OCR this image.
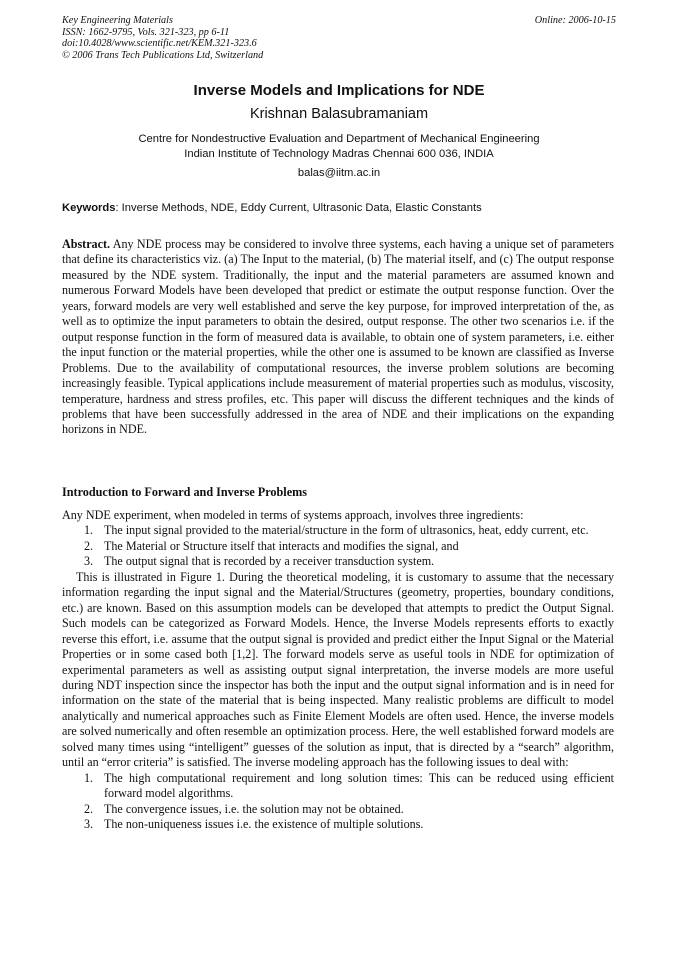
Key Engineering Materials
ISSN: 1662-9795, Vols. 321-323, pp 6-11
doi:10.4028/www.scientific.net/KEM.321-323.6
© 2006 Trans Tech Publications Ltd, Switzerland
Online: 2006-10-15
Inverse Models and Implications for NDE
Krishnan Balasubramaniam
Centre for Nondestructive Evaluation and Department of Mechanical Engineering
Indian Institute of Technology Madras Chennai 600 036, INDIA
balas@iitm.ac.in
Keywords: Inverse Methods, NDE, Eddy Current, Ultrasonic Data, Elastic Constants
Abstract. Any NDE process may be considered to involve three systems, each having a unique set of parameters that define its characteristics viz. (a) The Input to the material, (b) The material itself, and (c) The output response measured by the NDE system. Traditionally, the input and the material parameters are assumed known and numerous Forward Models have been developed that predict or estimate the output response function. Over the years, forward models are very well established and serve the key purpose, for improved interpretation of the, as well as to optimize the input parameters to obtain the desired, output response. The other two scenarios i.e. if the output response function in the form of measured data is available, to obtain one of system parameters, i.e. either the input function or the material properties, while the other one is assumed to be known are classified as Inverse Problems. Due to the availability of computational resources, the inverse problem solutions are becoming increasingly feasible. Typical applications include measurement of material properties such as modulus, viscosity, temperature, hardness and stress profiles, etc. This paper will discuss the different techniques and the kinds of problems that have been successfully addressed in the area of NDE and their implications on the expanding horizons in NDE.
Introduction to Forward and Inverse Problems

Any NDE experiment, when modeled in terms of systems approach, involves three ingredients:

1. The input signal provided to the material/structure in the form of ultrasonics, heat, eddy current, etc.
2. The Material or Structure itself that interacts and modifies the signal, and
3. The output signal that is recorded by a receiver transduction system.

This is illustrated in Figure 1. During the theoretical modeling, it is customary to assume that the necessary information regarding the input signal and the Material/Structures (geometry, properties, boundary conditions, etc.) are known. Based on this assumption models can be developed that attempts to predict the Output Signal. Such models can be categorized as Forward Models. Hence, the Inverse Models represents efforts to exactly reverse this effort, i.e. assume that the output signal is provided and predict either the Input Signal or the Material Properties or in some cased both [1,2]. The forward models serve as useful tools in NDE for optimization of experimental parameters as well as assisting output signal interpretation, the inverse models are more useful during NDT inspection since the inspector has both the input and the output signal information and is in need for information on the state of the material that is being inspected. Many realistic problems are difficult to model analytically and numerical approaches such as Finite Element Models are often used. Hence, the inverse models are solved numerically and often resemble an optimization process. Here, the well established forward models are solved many times using “intelligent” guesses of the solution as input, that is directed by a “search” algorithm, until an “error criteria” is satisfied. The inverse modeling approach has the following issues to deal with:

1. The high computational requirement and long solution times: This can be reduced using efficient forward model algorithms.
2. The convergence issues, i.e. the solution may not be obtained.
3. The non-uniqueness issues i.e. the existence of multiple solutions.
